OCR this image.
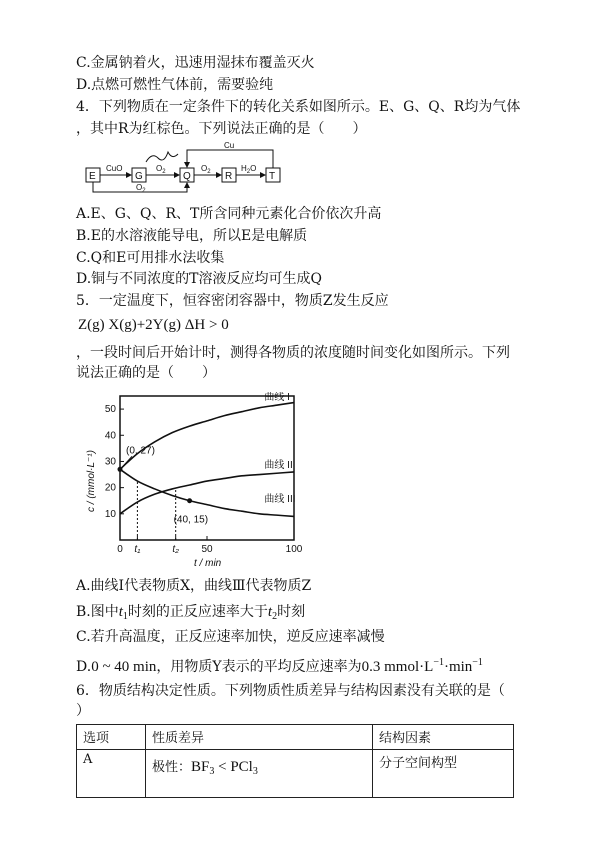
C.金属钠着火，迅速用湿抹布覆盖灭火
D.点燃可燃性气体前，需要验纯
4．下列物质在一定条件下的转化关系如图所示。E、G、Q、R均为气体
，其中R为红棕色。下列说法正确的是（　　）
E	G	Q	R	T
CuO	$O_2$	$O_2$	$H_2O$
Cu
$O_2$
A.E、G、Q、R、T所含同种元素化合价依次升高
B.E的水溶液能导电，所以E是电解质
C.Q和E可用排水法收集
D.铜与不同浓度的T溶液反应均可生成Q
5．一定温度下，恒容密闭容器中，物质Z发生反应
Z(g) X(g)+2Y(g) ΔH > 0
，一段时间后开始计时，测得各物质的浓度随时间变化如图所示。下列
说法正确的是（　　）
10
20
30
40
50
0 t₁	t₂ 50	100
曲线 I
曲线 II
曲线 III
(0, 27)
(40, 15)
c / (mmol·L⁻¹)
t / min
A.曲线Ⅰ代表物质X，曲线Ⅲ代表物质Z
B.图中$t_1$时刻的正反应速率大于$t_2$时刻
C.若升高温度，正反应速率加快，逆反应速率减慢
D.0 ~ 40 min，用物质Y表示的平均反应速率为0.3 $mmol\cdot L^{-1}\cdot\min^{-1}$
6．物质结构决定性质。下列物质性质差异与结构因素没有关联的是（
）
选项	性质差异	结构因素
A	极性：$BF_3 < PCl_3$	分子空间构型
